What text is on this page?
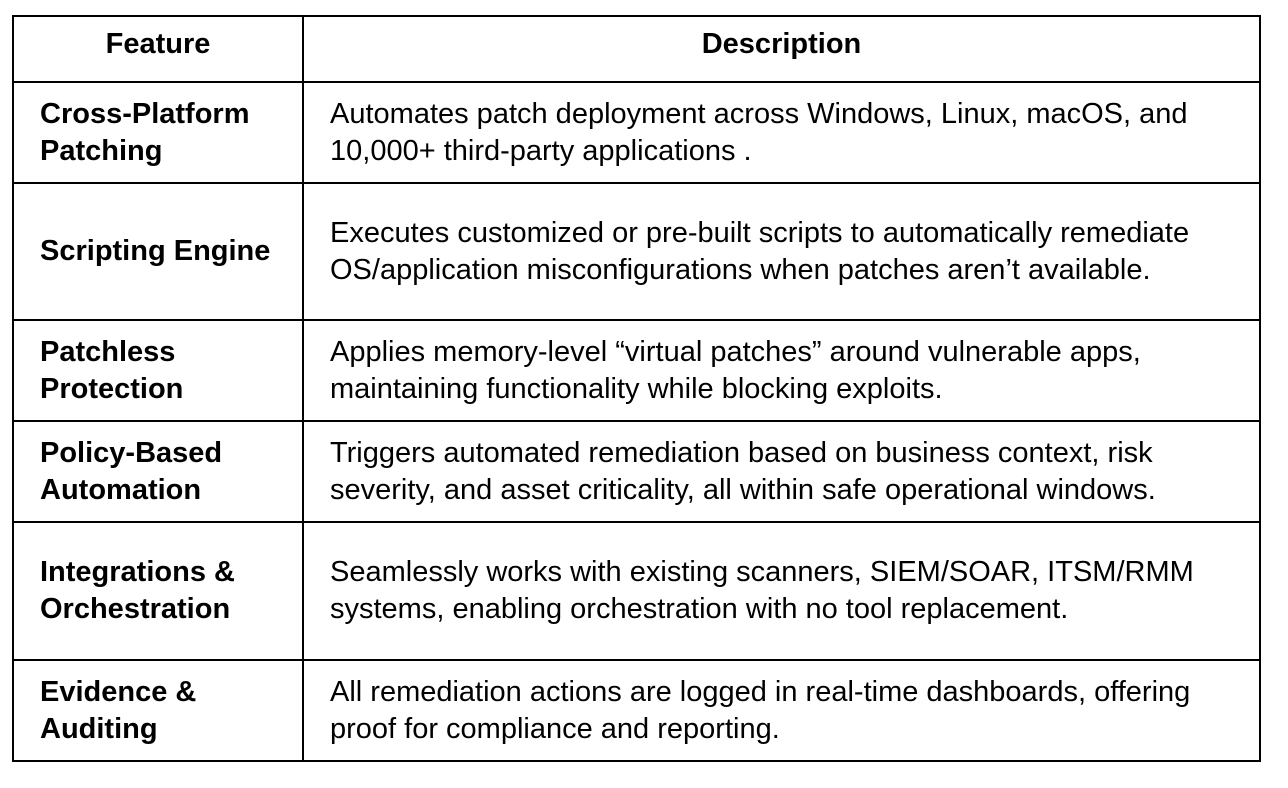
Feature	Description
Cross-Platform Patching	Automates patch deployment across Windows, Linux, macOS, and 10,000+ third-party applications .
Scripting Engine	Executes customized or pre-built scripts to automatically remediate OS/application misconfigurations when patches aren’t available.
Patchless Protection	Applies memory-level “virtual patches” around vulnerable apps, maintaining functionality while blocking exploits.
Policy-Based Automation	Triggers automated remediation based on business context, risk severity, and asset criticality, all within safe operational windows.
Integrations & Orchestration	Seamlessly works with existing scanners, SIEM/SOAR, ITSM/RMM systems, enabling orchestration with no tool replacement.
Evidence & Auditing	All remediation actions are logged in real-time dashboards, offering proof for compliance and reporting.
